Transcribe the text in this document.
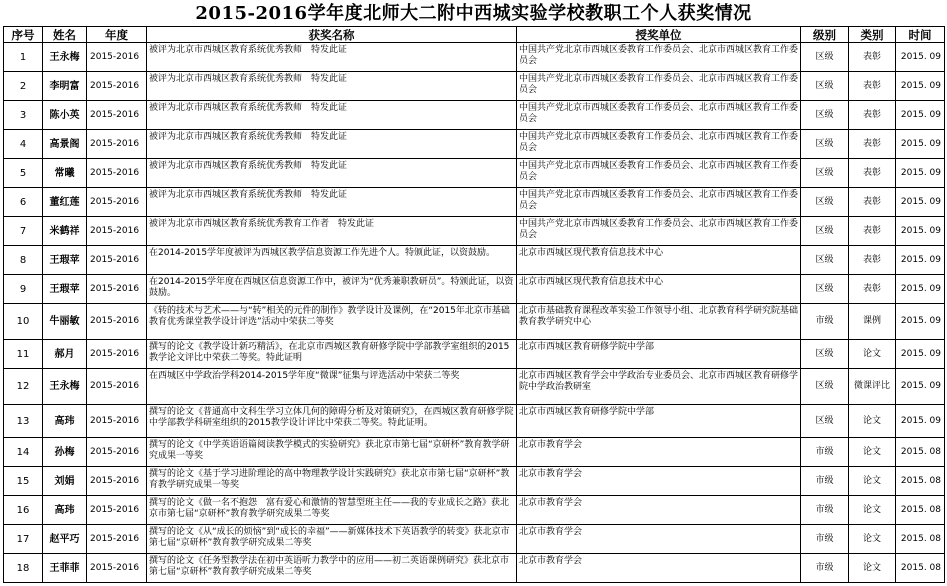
2015-2016学年度北师大二附中西城实验学校教职工个人获奖情况
序号	姓名	年度	获奖名称	授奖单位	级别	类别	时间
1	王永梅	2015-2016	被评为北京市西城区教育系统优秀教师　特发此证	中国共产党北京市西城区委教育工作委员会、北京市西城区教育工作委员会	区级	表彰	2015. 09
2	李明富	2015-2016	被评为北京市西城区教育系统优秀教师　特发此证	中国共产党北京市西城区委教育工作委员会、北京市西城区教育工作委员会	区级	表彰	2015. 09
3	陈小英	2015-2016	被评为北京市西城区教育系统优秀教师　特发此证	中国共产党北京市西城区委教育工作委员会、北京市西城区教育工作委员会	区级	表彰	2015. 09
4	高景阁	2015-2016	被评为北京市西城区教育系统优秀教师　特发此证	中国共产党北京市西城区委教育工作委员会、北京市西城区教育工作委员会	区级	表彰	2015. 09
5	常曦	2015-2016	被评为北京市西城区教育系统优秀教师　特发此证	中国共产党北京市西城区委教育工作委员会、北京市西城区教育工作委员会	区级	表彰	2015. 09
6	董红莲	2015-2016	被评为北京市西城区教育系统优秀教师　特发此证	中国共产党北京市西城区委教育工作委员会、北京市西城区教育工作委员会	区级	表彰	2015. 09
7	米鹤祥	2015-2016	被评为北京市西城区教育系统优秀教育工作者　特发此证	中国共产党北京市西城区委教育工作委员会、北京市西城区教育工作委员会	区级	表彰	2015. 09
8	王瑕苹	2015-2016	在2014-2015学年度被评为西城区教学信息资源工作先进个人。特颁此证，以资鼓励。	北京市西城区现代教育信息技术中心	区级	表彰	2015. 09
9	王瑕苹	2015-2016	在2014-2015学年度在西城区信息资源工作中，被评为“优秀兼职教研员”。特颁此证，以资鼓励。	北京市西城区现代教育信息技术中心	区级	表彰	2015. 09
10	牛丽敏	2015-2016	《转的技术与艺术——与“转”相关的元件的制作》教学设计及课例，在“2015年北京市基础教育优秀课堂教学设计评选”活动中荣获二等奖	北京市基础教育课程改革实验工作领导小组、北京教育科学研究院基础教育教学研究中心	市级	课例	2015. 09
11	郝月	2015-2016	撰写的论文《教学设计新巧精活》，在北京市西城区教育研修学院中学部教学室组织的2015教学论文评比中荣获二等奖。特此证明	北京市西城区教育研修学院中学部	区级	论文	2015. 09
12	王永梅	2015-2016	在西城区中学政治学科2014-2015学年度“微课”征集与评选活动中荣获二等奖	北京市西城区教育学会中学政治专业委员会、北京市西城区教育研修学院中学政治教研室	区级	微课评比	2015. 09
13	高玮	2015-2016	撰写的论文《普通高中文科生学习立体几何的障碍分析及对策研究》，在西城区教育研修学院中学部教学科研室组织的2015教学设计评比中荣获二等奖。特此证明。	北京市西城区教育研修学院中学部	区级	论文	2015. 09
14	孙梅	2015-2016	撰写的论文《中学英语语篇阅读教学模式的实验研究》获北京市第七届“京研杯”教育教学研究成果一等奖	北京市教育学会	市级	论文	2015. 08
15	刘娟	2015-2016	撰写的论文《基于学习进阶理论的高中物理教学设计实践研究》获北京市第七届“京研杯”教育教学研究成果一等奖	北京市教育学会	市级	论文	2015. 08
16	高玮	2015-2016	撰写的论文《做一名不抱怨　富有爱心和激情的智慧型班主任——我的专业成长之路》获北京市第七届“京研杯”教育教学研究成果二等奖	北京市教育学会	市级	论文	2015. 08
17	赵平巧	2015-2016	撰写的论文《从“成长的烦恼”到“成长的幸福”——新媒体技术下英语教学的转变》获北京市第七届“京研杯”教育教学研究成果二等奖	北京市教育学会	市级	论文	2015. 08
18	王菲菲	2015-2016	撰写的论文《任务型教学法在初中英语听力教学中的应用——初二英语课例研究》获北京市第七届“京研杯”教育教学研究成果二等奖	北京市教育学会	市级	论文	2015. 08
